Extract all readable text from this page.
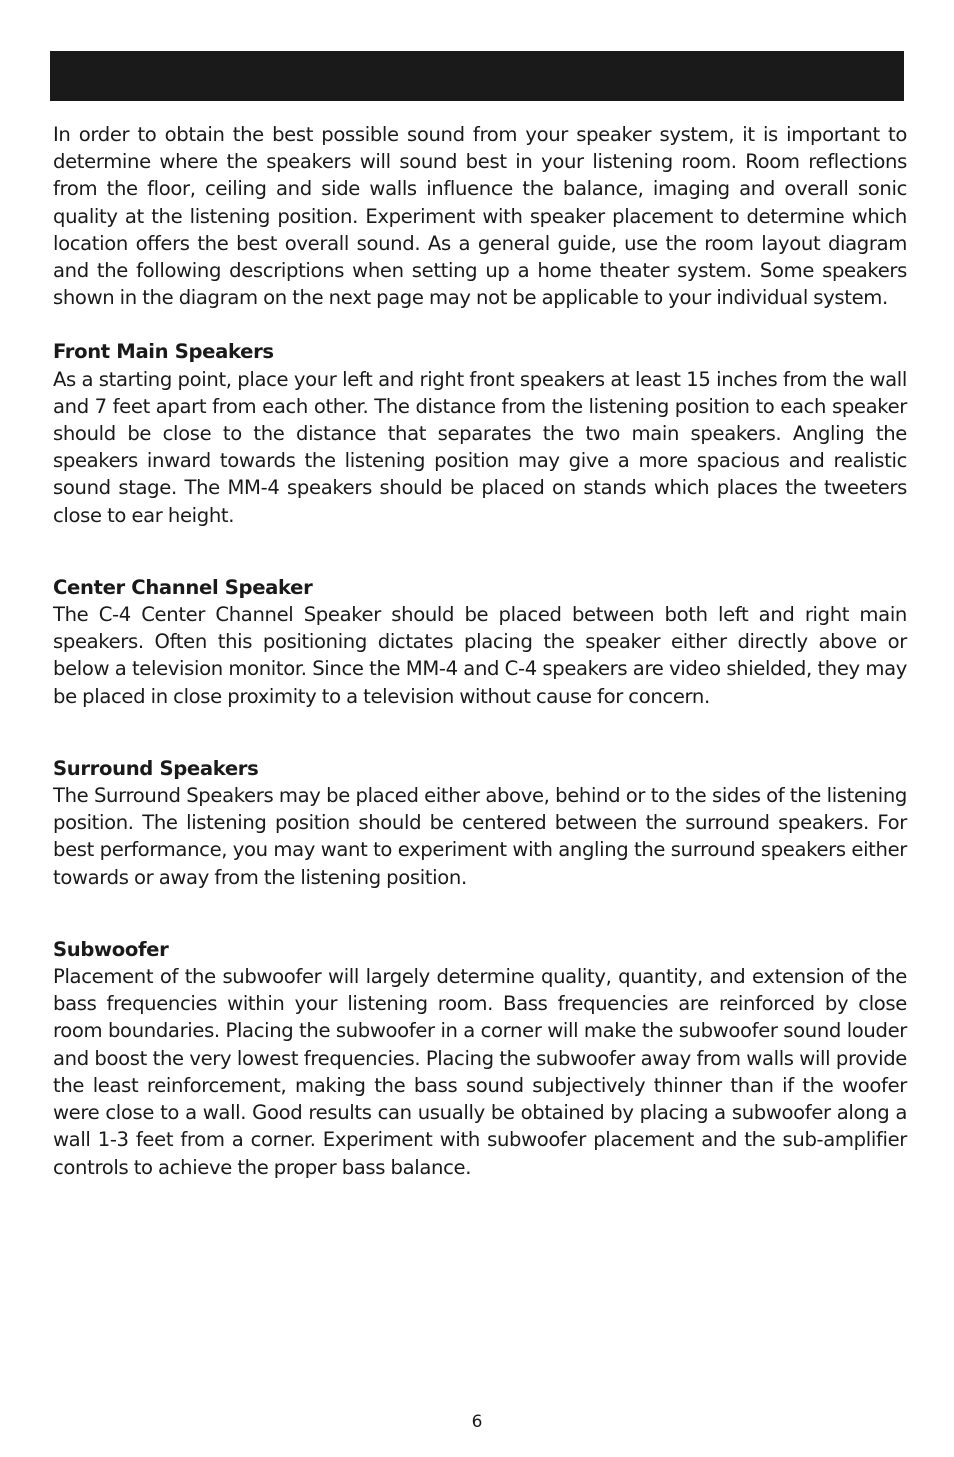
In order to obtain the best possible sound from your speaker system, it is important to determine where the speakers will sound best in your listening room. Room reflections from the floor, ceiling and side walls influence the balance, imaging and overall sonic quality at the listening position. Experiment with speaker placement to determine which location offers the best overall sound. As a general guide, use the room layout diagram and the following descriptions when setting up a home theater system. Some speakers shown in the diagram on the next page may not be applicable to your individual system.

Front Main Speakers

As a starting point, place your left and right front speakers at least 15 inches from the wall and 7 feet apart from each other. The distance from the listening position to each speaker should be close to the distance that separates the two main speakers. Angling the speakers inward towards the listening position may give a more spacious and realistic sound stage. The MM-4 speakers should be placed on stands which places the tweeters close to ear height.

Center Channel Speaker

The C-4 Center Channel Speaker should be placed between both left and right main speakers. Often this positioning dictates placing the speaker either directly above or below a television monitor. Since the MM-4 and C-4 speakers are video shielded, they may be placed in close proximity to a television without cause for concern.

Surround Speakers

The Surround Speakers may be placed either above, behind or to the sides of the listening position. The listening position should be centered between the surround speakers. For best performance, you may want to experiment with angling the surround speakers either towards or away from the listening position.

Subwoofer

Placement of the subwoofer will largely determine quality, quantity, and extension of the bass frequencies within your listening room. Bass frequencies are reinforced by close room boundaries. Placing the subwoofer in a corner will make the subwoofer sound louder and boost the very lowest frequencies. Placing the subwoofer away from walls will provide the least reinforcement, making the bass sound subjectively thinner than if the woofer were close to a wall. Good results can usually be obtained by placing a subwoofer along a wall 1-3 feet from a corner. Experiment with subwoofer placement and the sub-amplifier controls to achieve the proper bass balance.

6
